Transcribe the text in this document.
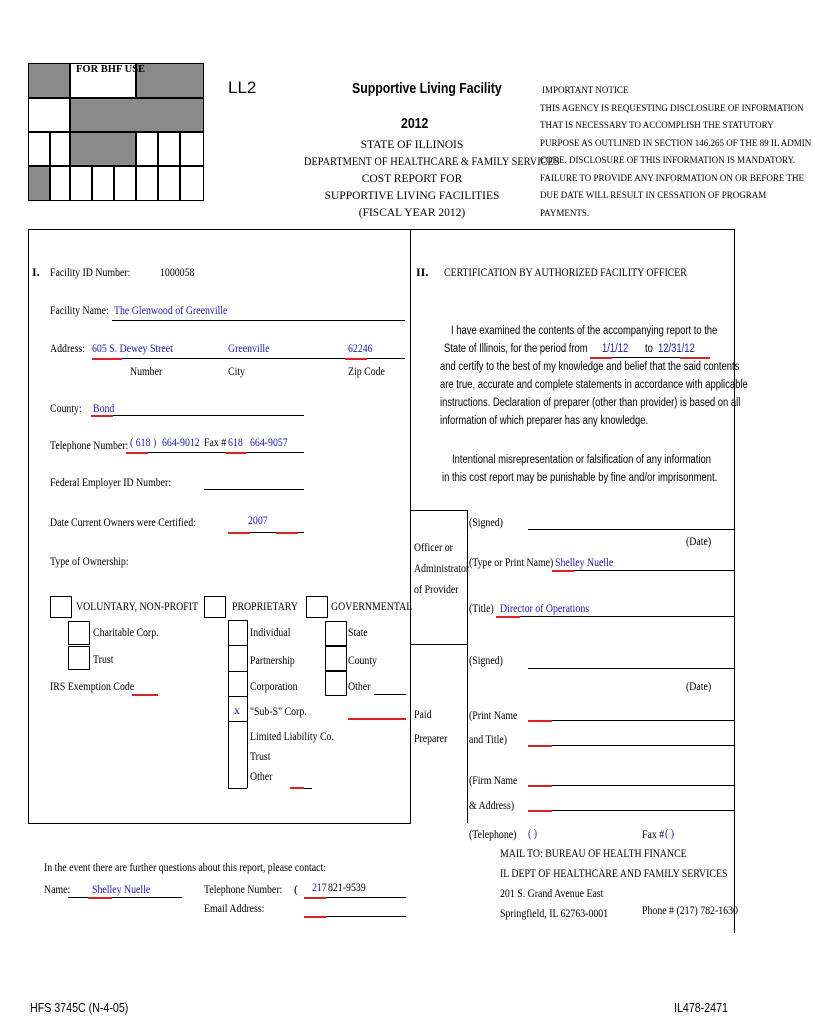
FOR BHF USE
LL2	Supportive Living Facility
2012
STATE OF ILLINOIS
DEPARTMENT OF HEALTHCARE & FAMILY SERVICES
COST REPORT FOR
SUPPORTIVE LIVING FACILITIES
(FISCAL YEAR 2012)
IMPORTANT NOTICE
THIS AGENCY IS REQUESTING DISCLOSURE OF INFORMATION
THAT IS NECESSARY TO ACCOMPLISH THE STATUTORY
PURPOSE AS OUTLINED IN SECTION 146.265 OF THE 89 IL ADMIN
CODE. DISCLOSURE OF THIS INFORMATION IS MANDATORY.
FAILURE TO PROVIDE ANY INFORMATION ON OR BEFORE THE
DUE DATE WILL RESULT IN CESSATION OF PROGRAM
PAYMENTS.
I. Facility ID Number:	1000058
Facility Name: The Glenwood of Greenville
Address: 605 S. Dewey Street	Greenville	62246
Number	City	Zip Code
County: Bond
Telephone Number: ( 618 ) 664-9012 Fax # 618 664-9057
Federal Employer ID Number:
Date Current Owners were Certified:	2007
Type of Ownership:
VOLUNTARY, NON-PROFIT
Charitable Corp.
Trust
IRS Exemption Code
PROPRIETARY
Individual
Partnership
Corporation
x "Sub-S" Corp.
Limited Liability Co.
Trust
Other
GOVERNMENTAL
State
County
Other
II. CERTIFICATION BY AUTHORIZED FACILITY OFFICER
I have examined the contents of the accompanying report to the
State of Illinois, for the period from 1/1/12	to 12/31/12
and certify to the best of my knowledge and belief that the said contents
are true, accurate and complete statements in accordance with applicable
instructions. Declaration of preparer (other than provider) is based on all
information of which preparer has any knowledge.
Intentional misrepresentation or falsification of any information
in this cost report may be punishable by fine and/or imprisonment.
Officer or
Administrator
of Provider
(Signed)
(Date)
(Type or Print Name) Shelley Nuelle
(Title) Director of Operations
Paid
Preparer
(Signed)
(Date)
(Print Name
and Title)
(Firm Name
& Address)
(Telephone) ( )	Fax # ( )
MAIL TO: BUREAU OF HEALTH FINANCE
IL DEPT OF HEALTHCARE AND FAMILY SERVICES
201 S. Grand Avenue East
Springfield, IL 62763-0001	Phone # (217) 782-1630
In the event there are further questions about this report, please contact:
Name:	Shelley Nuelle	Telephone Number: ( 217 821-9539
Email Address:
HFS 3745C (N-4-05)	IL478-2471
